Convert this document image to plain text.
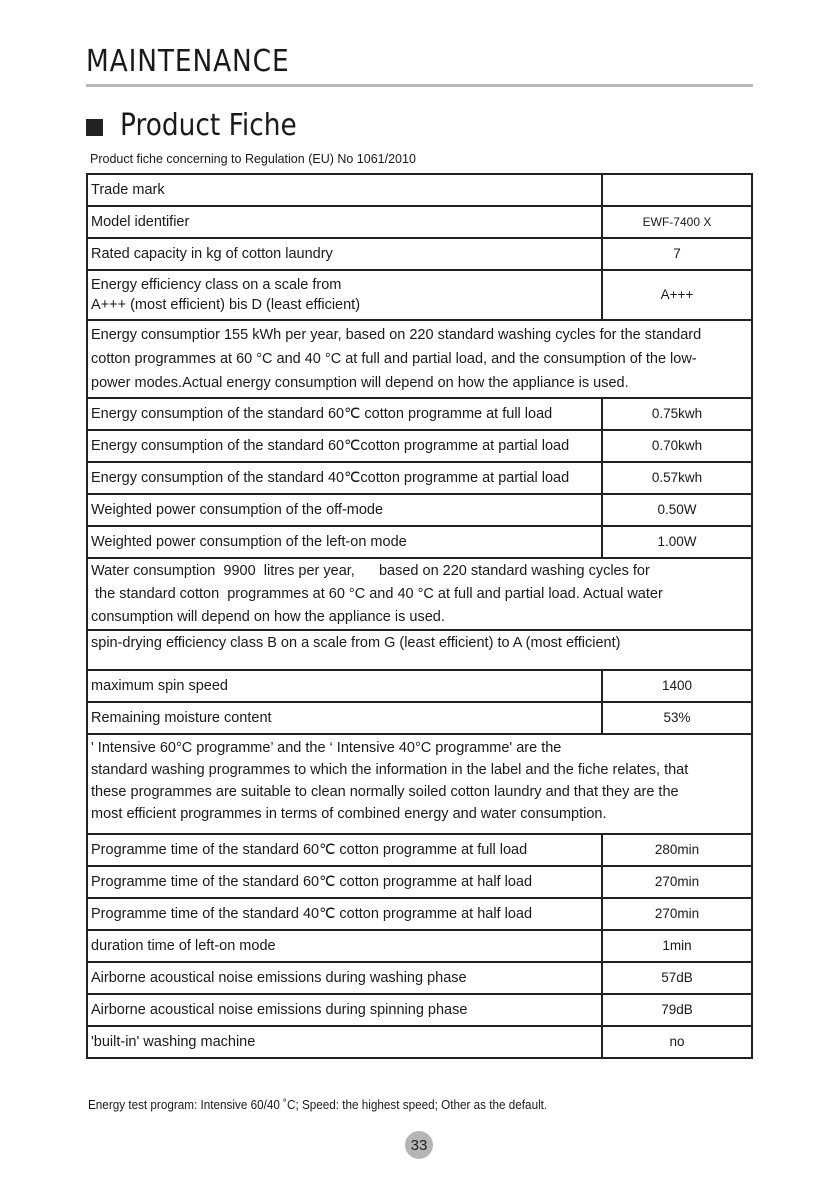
MAINTENANCE
Product Fiche
Product fiche concerning to Regulation (EU) No 1061/2010
Trade mark	
Model identifier	EWF-7400 X
Rated capacity in kg of cotton laundry	7

Energy efficiency class on a scale from
A+++ (most efficient) bis D (least efficient)	A+++

Energy consumptior 155 kWh per year, based on 220 standard washing cycles for the standard
cotton programmes at 60 °C and 40 °C at full and partial load, and the consumption of the low-
power modes.Actual energy consumption will depend on how the appliance is used.	

Energy consumption of the standard 60℃ cotton programme at full load	0.75kwh
Energy consumption of the standard 60℃cotton programme at partial load	0.70kwh
Energy consumption of the standard 40℃cotton programme at partial load	0.57kwh
Weighted power consumption of the off-mode	0.50W
Weighted power consumption of the left-on mode	1.00W

Water consumption  9900  litres per year,      based on 220 standard washing cycles for
the standard cotton  programmes at 60 °C and 40 °C at full and partial load. Actual water
consumption will depend on how the appliance is used.	

spin-drying efficiency class B on a scale from G (least efficient) to A (most efficient)	

maximum spin speed	1400
Remaining moisture content	53%

' Intensive 60°C programme’ and the ‘ Intensive 40°C programme' are the
standard washing programmes to which the information in the label and the fiche relates, that
these programmes are suitable to clean normally soiled cotton laundry and that they are the
most efficient programmes in terms of combined energy and water consumption.	

Programme time of the standard 60℃ cotton programme at full load	280min
Programme time of the standard 60℃ cotton programme at half load	270min
Programme time of the standard 40℃ cotton programme at half load	270min
duration time of left-on mode	1min
Airborne acoustical noise emissions during washing phase	57dB
Airborne acoustical noise emissions during spinning phase	79dB
'built-in' washing machine	no
Energy test program: Intensive 60/40 ˚C; Speed: the highest speed; Other as the default.
33
